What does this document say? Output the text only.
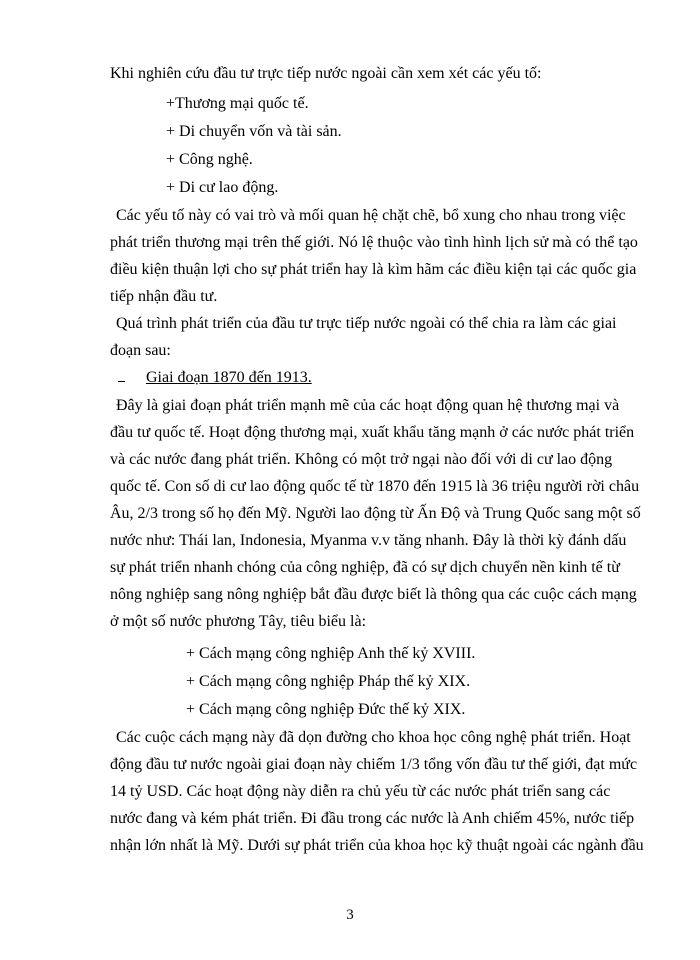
Khi nghiên cứu đầu tư trực tiếp nước ngoài cần xem xét các yếu tố:
+Thương mại quốc tế.
+ Di chuyển vốn và tài sản.
+ Công nghệ.
+ Di cư lao động.
Các yếu tố này có vai trò và mối quan hệ chặt chẽ, bổ xung cho nhau trong việc
phát triển thương mại trên thế giới. Nó lệ thuộc vào tình hình lịch sử mà có thể tạo
điều kiện thuận lợi cho sự phát triển hay là kìm hãm các điều kiện tại các quốc gia
tiếp nhận đầu tư.
Quá trình phát triển của đầu tư trực tiếp nước ngoài có thể chia ra làm các giai
đoạn sau:
Giai đoạn 1870 đến 1913.
Đây là giai đoạn phát triển mạnh mẽ của các hoạt động quan hệ thương mại và
đầu tư quốc tế. Hoạt động thương mại, xuất khẩu tăng mạnh ở các nước phát triển
và các nước đang phát triển. Không có một trở ngại nào đối với di cư lao động
quốc tế. Con số di cư lao động quốc tế từ 1870 đến 1915 là 36 triệu người rời châu
Âu, 2/3 trong số họ đến Mỹ. Người lao động từ Ấn Độ và Trung Quốc sang một số
nước như: Thái lan, Indonesia, Myanma v.v tăng nhanh. Đây là thời kỳ đánh dấu
sự phát triển nhanh chóng của công nghiệp, đã có sự dịch chuyển nền kinh tế từ
nông nghiệp sang nông nghiệp bắt đầu được biết là thông qua các cuộc cách mạng
ở một số nước phương Tây, tiêu biểu là:
+ Cách mạng công nghiệp Anh thế kỷ XVIII.
+ Cách mạng công nghiệp Pháp thế kỷ XIX.
+ Cách mạng công nghiệp Đức thế kỷ XIX.
Các cuộc cách mạng này đã dọn đường cho khoa học công nghệ phát triển. Hoạt
động đầu tư nước ngoài giai đoạn này chiếm 1/3 tổng vốn đầu tư thế giới, đạt mức
14 tỷ USD. Các hoạt động này diễn ra chủ yếu từ các nước phát triển sang các
nước đang và kém phát triển. Đi đầu trong các nước là Anh chiếm 45%, nước tiếp
nhận lớn nhất là Mỹ. Dưới sự phát triển của khoa học kỹ thuật ngoài các ngành đầu
3
